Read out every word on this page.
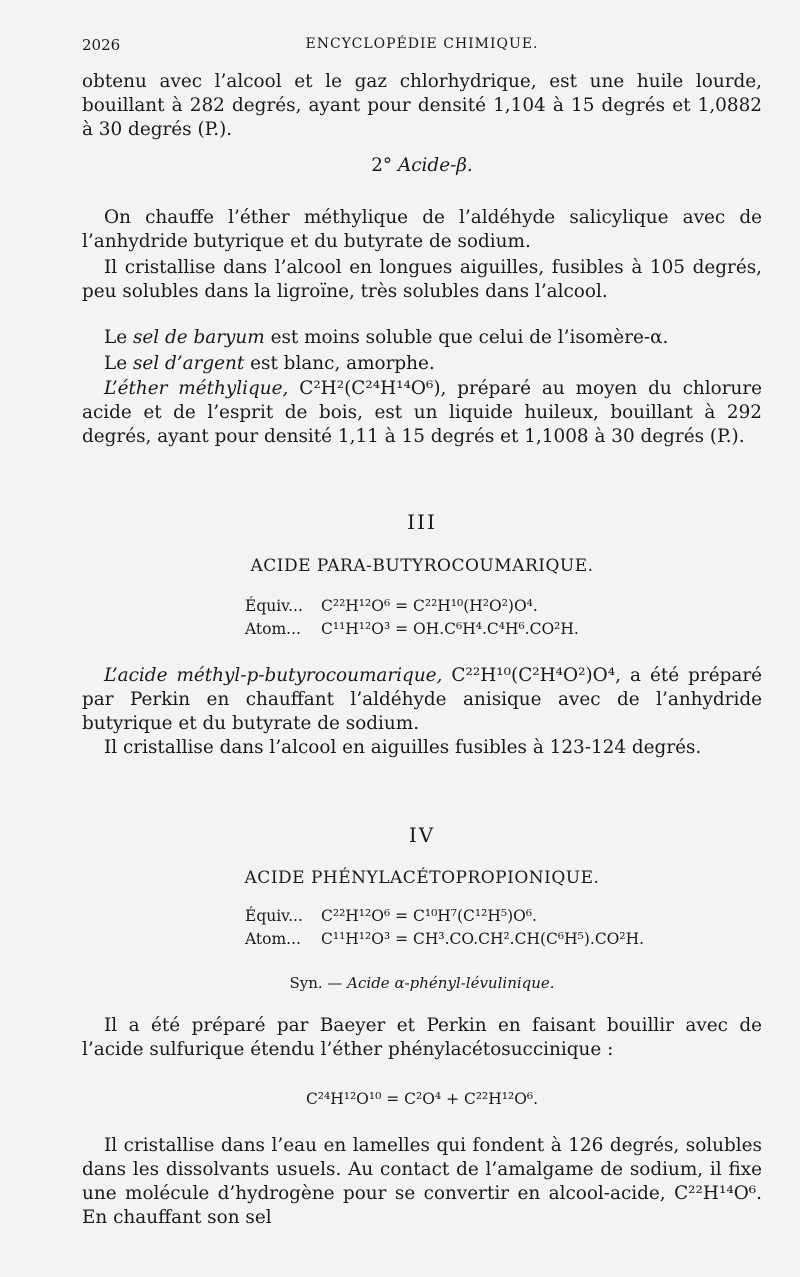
2026	ENCYCLOPÉDIE CHIMIQUE.
obtenu avec l’alcool et le gaz chlorhydrique, est une huile lourde, bouillant à 282 degrés, ayant pour densité 1,104 à 15 degrés et 1,0882 à 30 degrés (P.).
2° Acide-β.
On chauffe l’éther méthylique de l’aldéhyde salicylique avec de l’anhydride butyrique et du butyrate de sodium.
Il cristallise dans l’alcool en longues aiguilles, fusibles à 105 degrés, peu solubles dans la ligroïne, très solubles dans l’alcool.
Le sel de baryum est moins soluble que celui de l’isomère-α.
Le sel d’argent est blanc, amorphe.
L’éther méthylique, C²H²(C²⁴H¹⁴O⁶), préparé au moyen du chlorure acide et de l’esprit de bois, est un liquide huileux, bouillant à 292 degrés, ayant pour densité 1,11 à 15 degrés et 1,1008 à 30 degrés (P.).
III
ACIDE PARA-BUTYROCOUMARIQUE.
Équiv... C²²H¹²O⁶ = C²²H¹⁰(H²O²)O⁴.
Atom... C¹¹H¹²O³ = OH.C⁶H⁴.C⁴H⁶.CO²H.
L’acide méthyl-p-butyrocoumarique, C²²H¹⁰(C²H⁴O²)O⁴, a été préparé par Perkin en chauffant l’aldéhyde anisique avec de l’anhydride butyrique et du butyrate de sodium.
Il cristallise dans l’alcool en aiguilles fusibles à 123-124 degrés.
IV
ACIDE PHÉNYLACÉTOPROPIONIQUE.
Équiv... C²²H¹²O⁶ = C¹⁰H⁷(C¹²H⁵)O⁶.
Atom... C¹¹H¹²O³ = CH³.CO.CH².CH(C⁶H⁵).CO²H.
Syn. — Acide α-phényl-lévulinique.
Il a été préparé par Baeyer et Perkin en faisant bouillir avec de l’acide sulfurique étendu l’éther phénylacétosuccinique :
C²⁴H¹²O¹⁰ = C²O⁴ + C²²H¹²O⁶.
Il cristallise dans l’eau en lamelles qui fondent à 126 degrés, solubles dans les dissolvants usuels. Au contact de l’amalgame de sodium, il fixe une molécule d’hydrogène pour se convertir en alcool-acide, C²²H¹⁴O⁶. En chauffant son sel
